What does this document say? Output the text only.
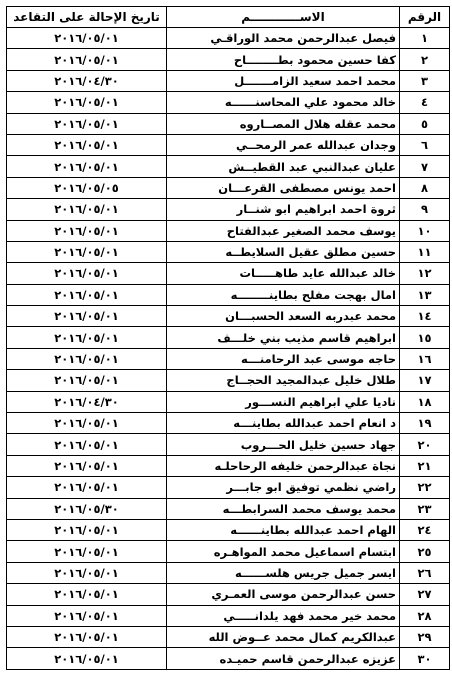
الرقم	الاســــــــــــم	تاريخ الإحالة على التقاعد
١	فيصل عبدالرحمن محمد الوراقـي	٢٠١٦/٠٥/٠١
٢	كفا حسين محمود بطــــــــاح	٢٠١٦/٠٥/٠١
٣	محمد احمد سعيد الزامـــــــل	٢٠١٦/٠٤/٣٠
٤	خالد محمود علي المحاسنــــــه	٢٠١٦/٠٥/٠١
٥	محمد عقله هلال المصــاروه	٢٠١٦/٠٥/٠١
٦	وجدان عبدالله عمر الرمحــي	٢٠١٦/٠٥/٠١
٧	عليان عبدالنبي عبد القطيــش	٢٠١٦/٠٥/٠١
٨	احمد يونس مصطفى القرعـــان	٢٠١٦/٠٥/٠٥
٩	ثروة احمد ابراهيم ابو شنــار	٢٠١٦/٠٥/٠١
١٠	يوسف محمد الصغير عبدالفتاح	٢٠١٦/٠٥/٠١
١١	حسين مطلق عقيل السلايطــه	٢٠١٦/٠٥/٠١
١٢	خالد عبدالله عايد طاهـــــات	٢٠١٦/٠٥/٠١
١٣	امال بهجت مفلح بطاينــــــــه	٢٠١٦/٠٥/٠١
١٤	محمد عبدربه السعد الحسبـــان	٢٠١٦/٠٥/٠١
١٥	ابراهيم قاسم مذيب بني خلـــف	٢٠١٦/٠٥/٠١
١٦	حاجه موسى عبد الرحامنـــه	٢٠١٦/٠٥/٠١
١٧	طلال خليل عبدالمجيد الحجــاج	٢٠١٦/٠٥/٠١
١٨	ناديا علي ابراهيم النســـور	٢٠١٦/٠٤/٣٠
١٩	د انعام احمد عبدالله بطاينـــه	٢٠١٦/٠٥/٠١
٢٠	جهاد حسين خليل الحـــروب	٢٠١٦/٠٥/٠١
٢١	نجاة عبدالرحمن خليفه الرحاحلـه	٢٠١٦/٠٥/٠١
٢٢	راضي نظمي توفيق ابو جابـــر	٢٠١٦/٠٥/٠١
٢٣	محمد يوسف محمد السرابطـــه	٢٠١٦/٠٥/٣٠
٢٤	الهام احمد عبدالله بطاينــــــه	٢٠١٦/٠٥/٠١
٢٥	ابتسام اسماعيل محمد المواهـره	٢٠١٦/٠٥/٠١
٢٦	ايسر جميل جريس هلســــــه	٢٠١٦/٠٥/٠١
٢٧	حسن عبدالرحمن موسى العمـري	٢٠١٦/٠٥/٠١
٢٨	محمد خير محمد فهد يلدانـــــي	٢٠١٦/٠٥/٠١
٢٩	عبدالكريم كمال محمد عــوض الله	٢٠١٦/٠٥/٠١
٣٠	عزيزه عبدالرحمن قاسم حميـده	٢٠١٦/٠٥/٠١
